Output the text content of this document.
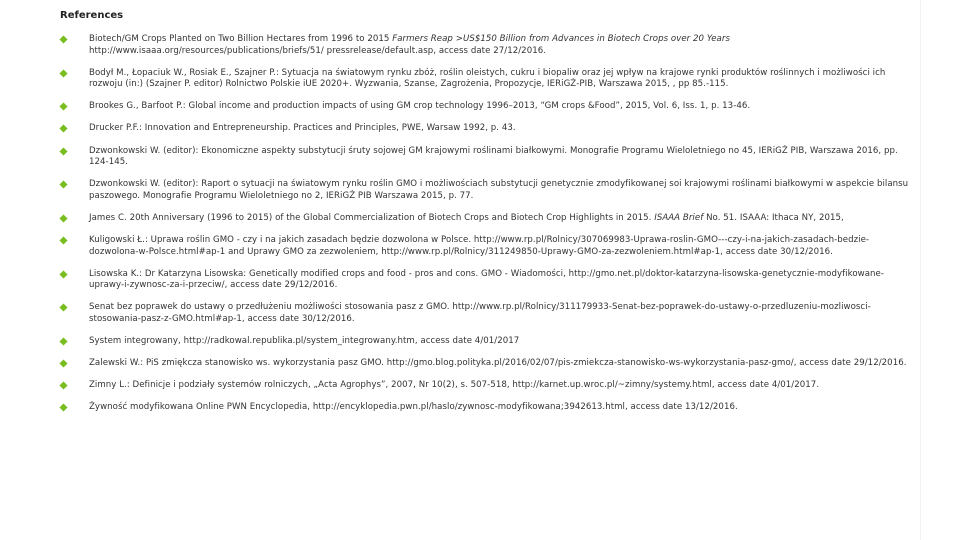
References
Biotech/GM Crops Planted on Two Billion Hectares from 1996 to 2015 Farmers Reap >US$150 Billion from Advances in Biotech Crops over 20 Years http://www.isaaa.org/resources/publications/briefs/51/ pressrelease/default.asp, access date 27/12/2016.
Bodył M., Łopaciuk W., Rosiak E., Szajner P.: Sytuacja na światowym rynku zbóż, roślin oleistych, cukru i biopaliw oraz jej wpływ na krajowe rynki produktów roślinnych i możliwości ich rozwoju (in:) (Szajner P. editor) Rolnictwo Polskie iUE 2020+. Wyzwania, Szanse, Zagrożenia, Propozycje, IERiGŻ-PIB, Warszawa 2015, , pp 85.-115.
Brookes G., Barfoot P.: Global income and production impacts of using GM crop technology 1996–2013, “GM crops &Food”, 2015, Vol. 6, Iss. 1, p. 13-46.
Drucker P.F.: Innovation and Entrepreneurship. Practices and Principles, PWE, Warsaw 1992, p. 43.
Dzwonkowski W. (editor): Ekonomiczne aspekty substytucji śruty sojowej GM krajowymi roślinami białkowymi. Monografie Programu Wieloletniego no 45, IERiGŻ PIB, Warszawa 2016, pp. 124-145.
Dzwonkowski W. (editor): Raport o sytuacji na światowym rynku roślin GMO i możliwościach substytucji genetycznie zmodyfikowanej soi krajowymi roślinami białkowymi w aspekcie bilansu paszowego. Monografie Programu Wieloletniego no 2, IERiGŻ PIB Warszawa 2015, p. 77.
James C. 20th Anniversary (1996 to 2015) of the Global Commercialization of Biotech Crops and Biotech Crop Highlights in 2015. ISAAA Brief No. 51. ISAAA: Ithaca NY, 2015,
Kuligowski Ł.: Uprawa roślin GMO - czy i na jakich zasadach będzie dozwolona w Polsce. http://www.rp.pl/Rolnicy/307069983-Uprawa-roslin-GMO---czy-i-na-jakich-zasadach-bedzie-dozwolona-w-Polsce.html#ap-1 and Uprawy GMO za zezwoleniem, http://www.rp.pl/Rolnicy/311249850-Uprawy-GMO-za-zezwoleniem.html#ap-1, access date 30/12/2016.
Lisowska K.: Dr Katarzyna Lisowska: Genetically modified crops and food - pros and cons. GMO - Wiadomości, http://gmo.net.pl/doktor-katarzyna-lisowska-genetycznie-modyfikowane-uprawy-i-zywnosc-za-i-przeciw/, access date 29/12/2016.
Senat bez poprawek do ustawy o przedłużeniu możliwości stosowania pasz z GMO. http://www.rp.pl/Rolnicy/311179933-Senat-bez-poprawek-do-ustawy-o-przedluzeniu-mozliwosci-stosowania-pasz-z-GMO.html#ap-1, access date 30/12/2016.
System integrowany, http://radkowal.republika.pl/system_integrowany.htm, access date 4/01/2017
Zalewski W.: PiS zmiękcza stanowisko ws. wykorzystania pasz GMO. http://gmo.blog.polityka.pl/2016/02/07/pis-zmiekcza-stanowisko-ws-wykorzystania-pasz-gmo/, access date 29/12/2016.
Zimny L.: Definicje i podziały systemów rolniczych, „Acta Agrophys”, 2007, Nr 10(2), s. 507-518, http://karnet.up.wroc.pl/~zimny/systemy.html, access date 4/01/2017.
Żywność modyfikowana Online PWN Encyclopedia, http://encyklopedia.pwn.pl/haslo/zywnosc-modyfikowana;3942613.html, access date 13/12/2016.
